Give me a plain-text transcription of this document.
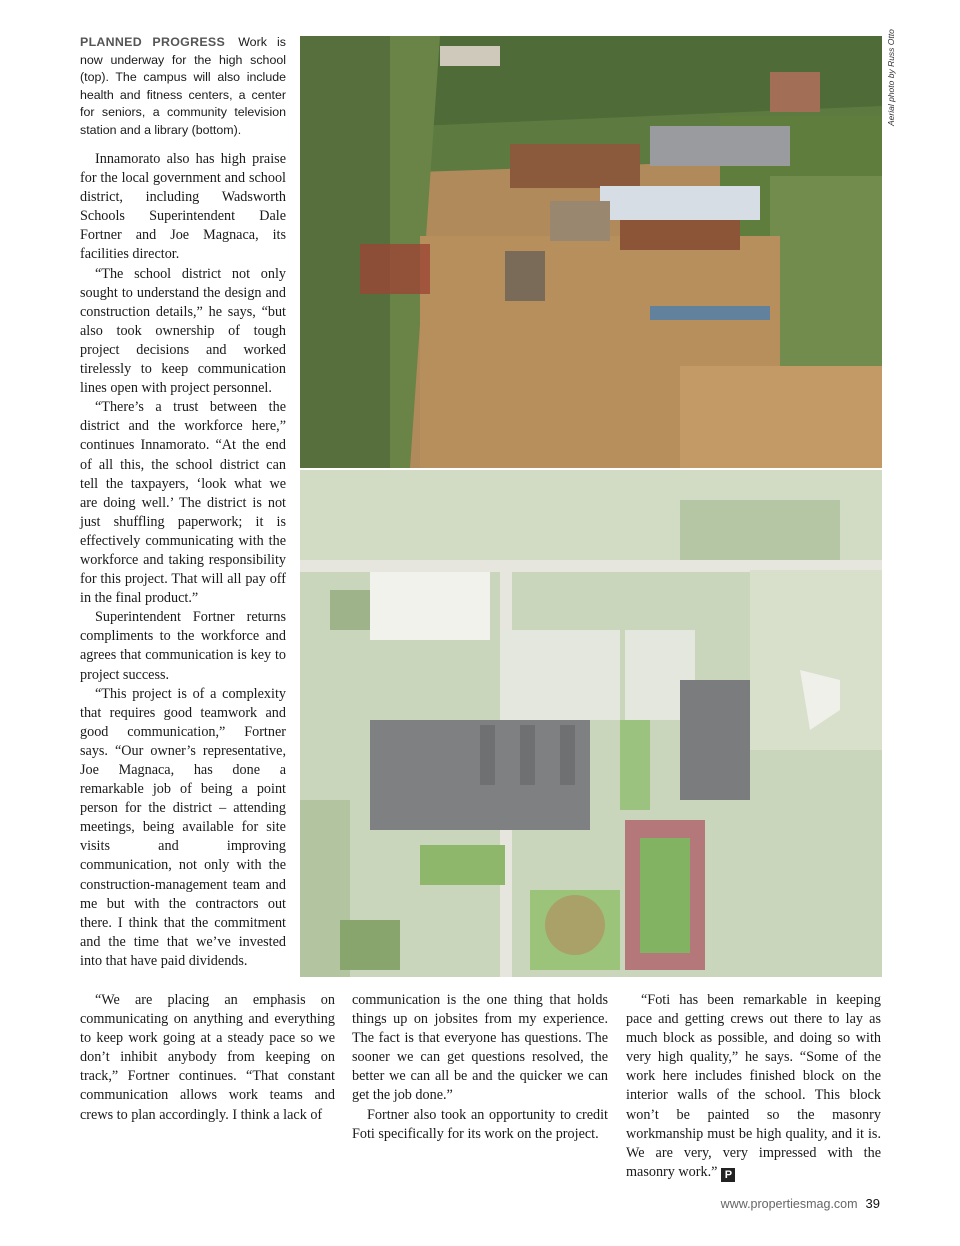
PLANNED PROGRESS Work is now underway for the high school (top). The campus will also include health and fitness centers, a center for seniors, a community television station and a library (bottom).

Innamorato also has high praise for the local government and school district, including Wadsworth Schools Superintendent Dale Fortner and Joe Magnaca, its facilities director.

“The school district not only sought to understand the design and construction details,” he says, “but also took ownership of tough project decisions and worked tirelessly to keep communication lines open with project personnel.

“There’s a trust between the district and the workforce here,” continues Innamorato. “At the end of all this, the school district can tell the taxpayers, ‘look what we are doing well.’ The district is not just shuffling paperwork; it is effectively communicating with the workforce and taking responsibility for this project. That will all pay off in the final product.”

Superintendent Fortner returns compliments to the workforce and agrees that communication is key to project success.

“This project is of a complexity that requires good teamwork and good communication,” Fortner says. “Our owner’s representative, Joe Magnaca, has done a remarkable job of being a point person for the district – attending meetings, being available for site visits and improving communication, not only with the construction-management team and me but with the contractors out there. I think that the commitment and the time that we’ve invested into that have paid dividends.

Aerial photo by Russ Otto

“We are placing an emphasis on communicating on anything and everything to keep work going at a steady pace so we don’t inhibit anybody from keeping on track,” Fortner continues. “That constant communication allows work teams and crews to plan accordingly. I think a lack of

communication is the one thing that holds things up on jobsites from my experience. The fact is that everyone has questions. The sooner we can get questions resolved, the better we can all be and the quicker we can get the job done.”

Fortner also took an opportunity to credit Foti specifically for its work on the project.

“Foti has been remarkable in keeping pace and getting crews out there to lay as much block as possible, and doing so with very high quality,” he says. “Some of the work here includes finished block on the interior walls of the school. This block won’t be painted so the masonry workmanship must be high quality, and it is. We are very, very impressed with the masonry work.” P

www.propertiesmag.com 39
